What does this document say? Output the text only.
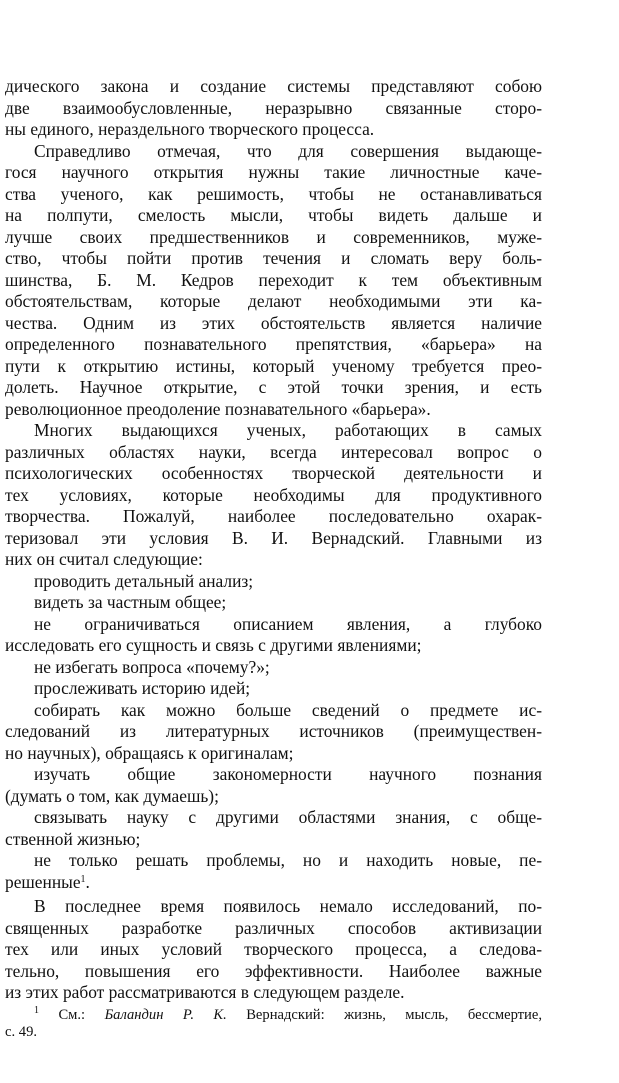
дического закона и создание системы представляют собою
две взаимообусловленные, неразрывно связанные сторо-
ны единого, нераздельного творческого процесса.
Справедливо отмечая, что для совершения выдающе-
гося научного открытия нужны такие личностные каче-
ства ученого, как решимость, чтобы не останавливаться
на полпути, смелость мысли, чтобы видеть дальше и
лучше своих предшественников и современников, муже-
ство, чтобы пойти против течения и сломать веру боль-
шинства, Б. М. Кедров переходит к тем объективным
обстоятельствам, которые делают необходимыми эти ка-
чества. Одним из этих обстоятельств является наличие
определенного познавательного препятствия, «барьера» на
пути к открытию истины, который ученому требуется прео-
долеть. Научное открытие, с этой точки зрения, и есть
революционное преодоление познавательного «барьера».
Многих выдающихся ученых, работающих в самых
различных областях науки, всегда интересовал вопрос о
психологических особенностях творческой деятельности и
тех условиях, которые необходимы для продуктивного
творчества. Пожалуй, наиболее последовательно охарак-
теризовал эти условия В. И. Вернадский. Главными из
них он считал следующие:
проводить детальный анализ;
видеть за частным общее;
не ограничиваться описанием явления, а глубоко
исследовать его сущность и связь с другими явлениями;
не избегать вопроса «почему?»;
прослеживать историю идей;
собирать как можно больше сведений о предмете ис-
следований из литературных источников (преимуществен-
но научных), обращаясь к оригиналам;
изучать общие закономерности научного познания
(думать о том, как думаешь);
связывать науку с другими областями знания, с обще-
ственной жизнью;
не только решать проблемы, но и находить новые, пе-
решенные$^1$.
В последнее время появилось немало исследований, по-
священных разработке различных способов активизации
тех или иных условий творческого процесса, а следова-
тельно, повышения его эффективности. Наиболее важные
из этих работ рассматриваются в следующем разделе.
$^1$ См.: Баландин Р. К. Вернадский: жизнь, мысль, бессмертие,
с. 49.
